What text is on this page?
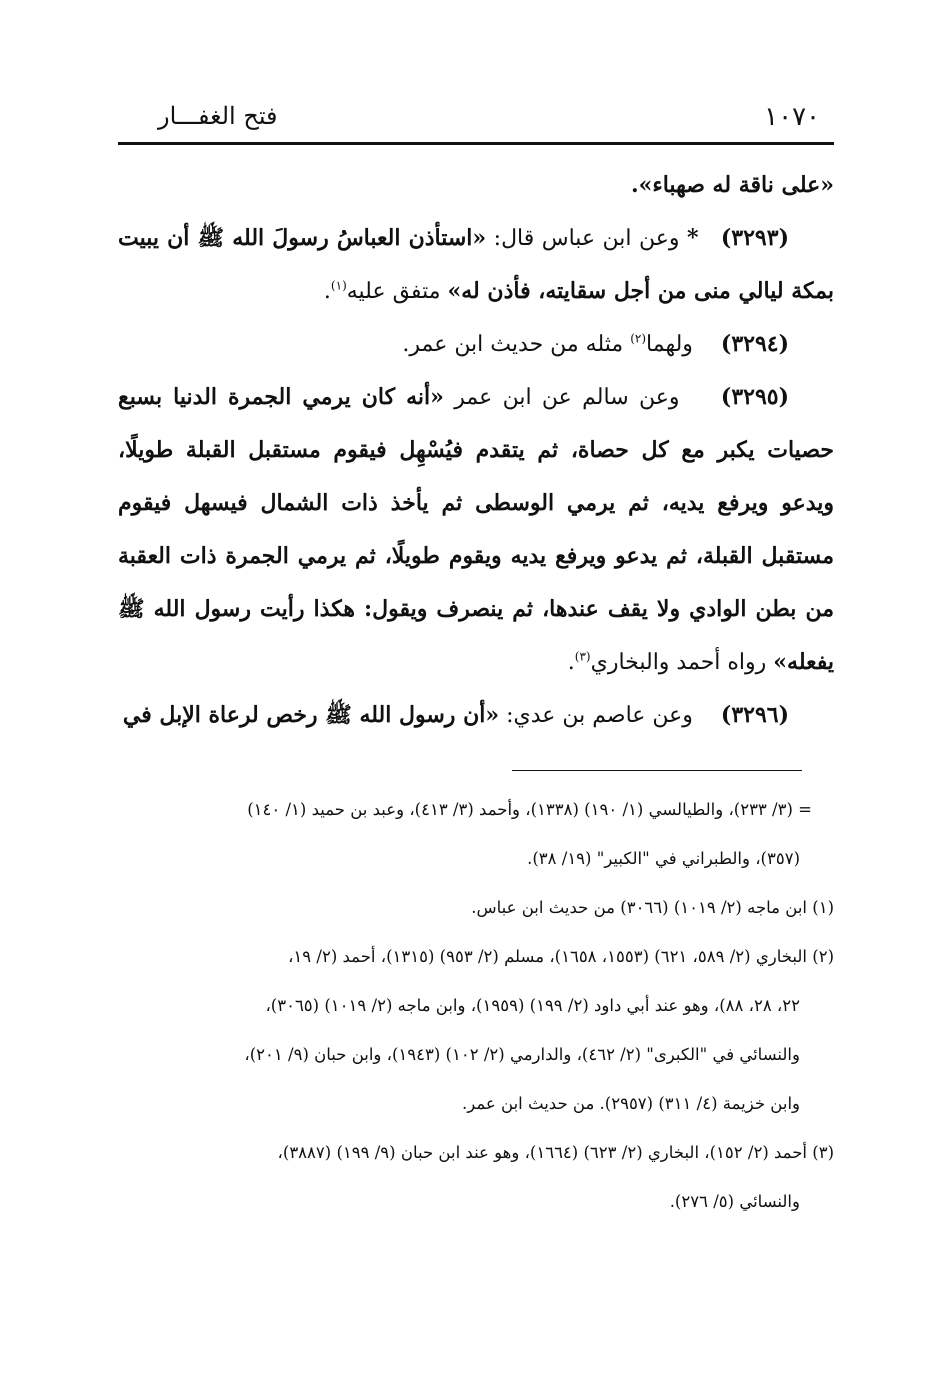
١٠٧٠
فتح الغفـــار

«على ناقة له صهباء».

(٣٢٩٣)   * وعن ابن عباس قال: «استأذن العباسُ رسولَ الله ﷺ أن يبيت بمكة ليالي منى من أجل سقايته، فأذن له» متفق عليه$^{(١)}$.

(٣٢٩٤)    ولهما$^{(٢)}$ مثله من حديث ابن عمر.

(٣٢٩٥)    وعن سالم عن ابن عمر «أنه كان يرمي الجمرة الدنيا بسبع حصيات يكبر مع كل حصاة، ثم يتقدم فيُسْهِل فيقوم مستقبل القبلة طويلًا، ويدعو ويرفع يديه، ثم يرمي الوسطى ثم يأخذ ذات الشمال فيسهل فيقوم مستقبل القبلة، ثم يدعو ويرفع يديه ويقوم طويلًا، ثم يرمي الجمرة ذات العقبة من بطن الوادي ولا يقف عندها، ثم ينصرف ويقول: هكذا رأيت رسول الله ﷺ يفعله» رواه أحمد والبخاري$^{(٣)}$.

(٣٢٩٦)    وعن عاصم بن عدي: «أن رسول الله ﷺ رخص لرعاة الإبل في

= (٣/ ٢٣٣)، والطيالسي (١/ ١٩٠) (١٣٣٨)، وأحمد (٣/ ٤١٣)، وعبد بن حميد (١/ ١٤٠)

(٣٥٧)، والطبراني في "الكبير" (١٩/ ٣٨).

(١) ابن ماجه (٢/ ١٠١٩) (٣٠٦٦) من حديث ابن عباس.

(٢) البخاري (٢/ ٥٨٩، ٦٢١) (١٥٥٣، ١٦٥٨)، مسلم (٢/ ٩٥٣) (١٣١٥)، أحمد (٢/ ١٩،

٢٢، ٢٨، ٨٨)، وهو عند أبي داود (٢/ ١٩٩) (١٩٥٩)، وابن ماجه (٢/ ١٠١٩) (٣٠٦٥)،

والنسائي في "الكبرى" (٢/ ٤٦٢)، والدارمي (٢/ ١٠٢) (١٩٤٣)، وابن حبان (٩/ ٢٠١)،

وابن خزيمة (٤/ ٣١١) (٢٩٥٧). من حديث ابن عمر.

(٣) أحمد (٢/ ١٥٢)، البخاري (٢/ ٦٢٣) (١٦٦٤)، وهو عند ابن حبان (٩/ ١٩٩) (٣٨٨٧)،

والنسائي (٥/ ٢٧٦).
